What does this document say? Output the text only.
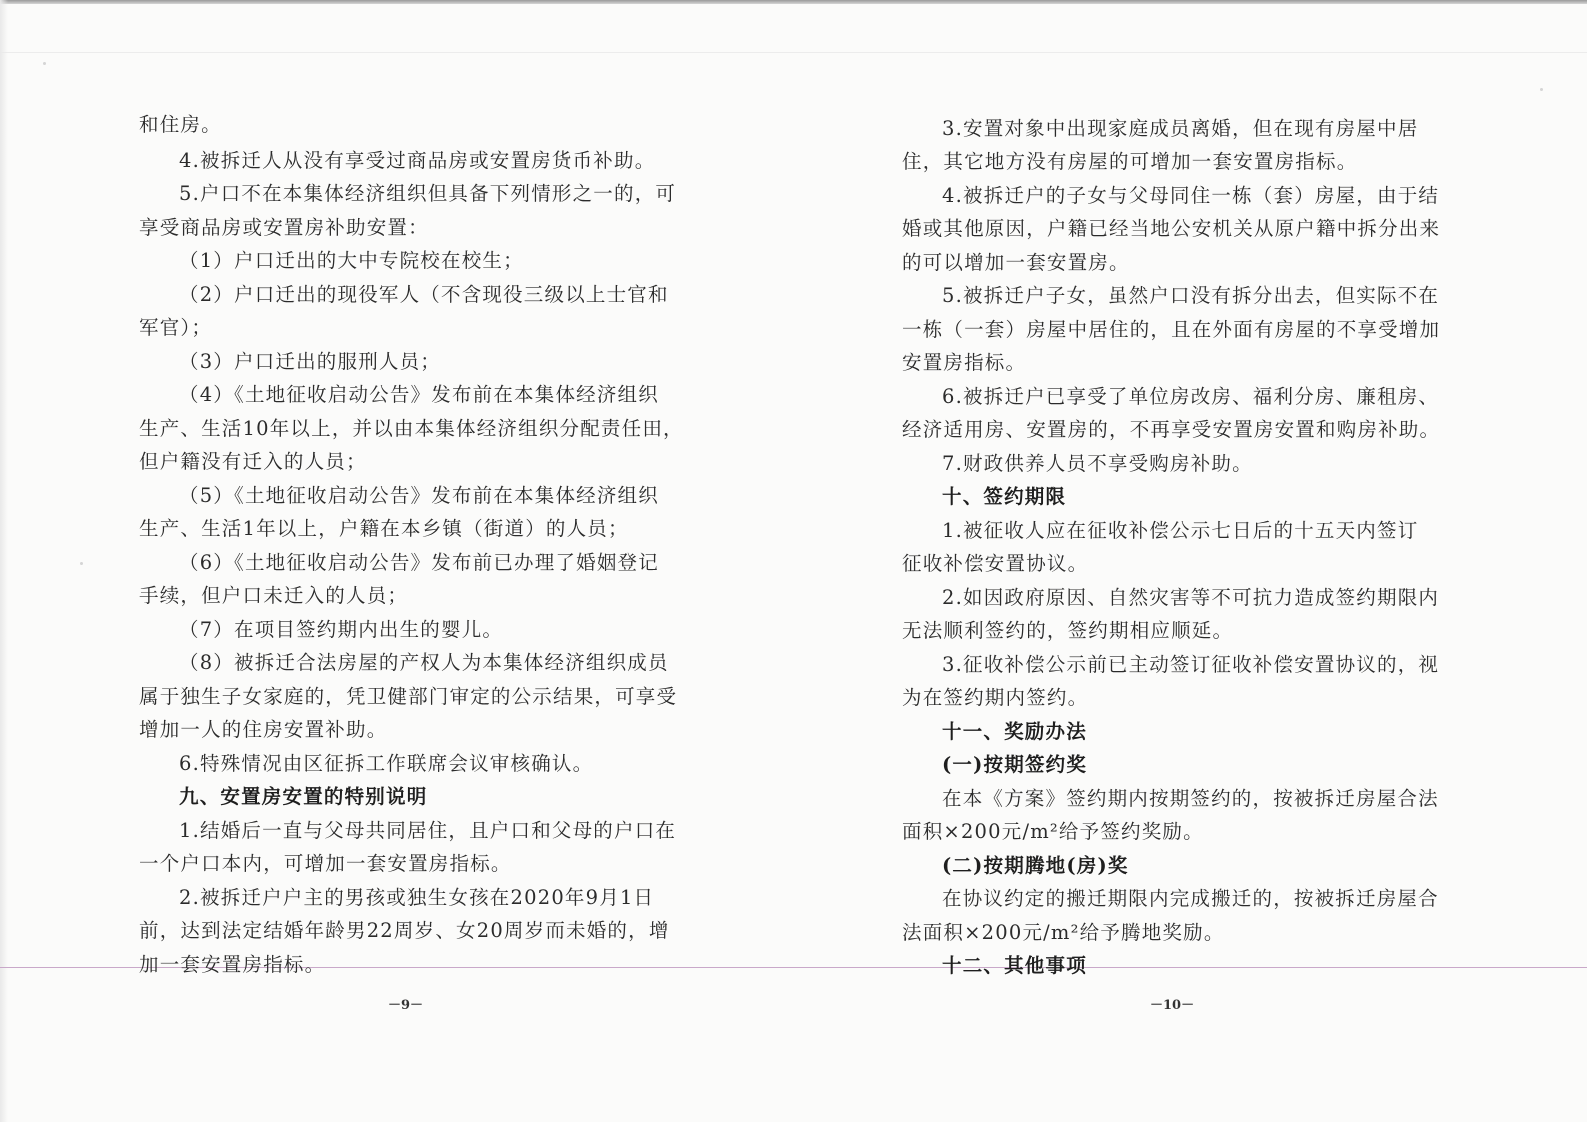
和住房。
4.被拆迁人从没有享受过商品房或安置房货币补助。
5.户口不在本集体经济组织但具备下列情形之一的，可
享受商品房或安置房补助安置：
（1）户口迁出的大中专院校在校生；
（2）户口迁出的现役军人（不含现役三级以上士官和
军官）；
（3）户口迁出的服刑人员；
（4）《土地征收启动公告》发布前在本集体经济组织
生产、生活10年以上，并以由本集体经济组织分配责任田，
但户籍没有迁入的人员；
（5）《土地征收启动公告》发布前在本集体经济组织
生产、生活1年以上，户籍在本乡镇（街道）的人员；
（6）《土地征收启动公告》发布前已办理了婚姻登记
手续，但户口未迁入的人员；
（7）在项目签约期内出生的婴儿。
（8）被拆迁合法房屋的产权人为本集体经济组织成员
属于独生子女家庭的，凭卫健部门审定的公示结果，可享受
增加一人的住房安置补助。
6.特殊情况由区征拆工作联席会议审核确认。
九、安置房安置的特别说明
1.结婚后一直与父母共同居住，且户口和父母的户口在
一个户口本内，可增加一套安置房指标。
2.被拆迁户户主的男孩或独生女孩在2020年9月1日
前，达到法定结婚年龄男22周岁、女20周岁而未婚的，增
加一套安置房指标。
3.安置对象中出现家庭成员离婚，但在现有房屋中居
住，其它地方没有房屋的可增加一套安置房指标。
4.被拆迁户的子女与父母同住一栋（套）房屋，由于结
婚或其他原因，户籍已经当地公安机关从原户籍中拆分出来
的可以增加一套安置房。
5.被拆迁户子女，虽然户口没有拆分出去，但实际不在
一栋（一套）房屋中居住的，且在外面有房屋的不享受增加
安置房指标。
6.被拆迁户已享受了单位房改房、福利分房、廉租房、
经济适用房、安置房的，不再享受安置房安置和购房补助。
7.财政供养人员不享受购房补助。
十、签约期限
1.被征收人应在征收补偿公示七日后的十五天内签订
征收补偿安置协议。
2.如因政府原因、自然灾害等不可抗力造成签约期限内
无法顺利签约的，签约期相应顺延。
3.征收补偿公示前已主动签订征收补偿安置协议的，视
为在签约期内签约。
十一、奖励办法
(一)按期签约奖
在本《方案》签约期内按期签约的，按被拆迁房屋合法
面积×200元/m²给予签约奖励。
(二)按期腾地(房)奖
在协议约定的搬迁期限内完成搬迁的，按被拆迁房屋合
法面积×200元/m²给予腾地奖励。
十二、其他事项
－9－	－10－
